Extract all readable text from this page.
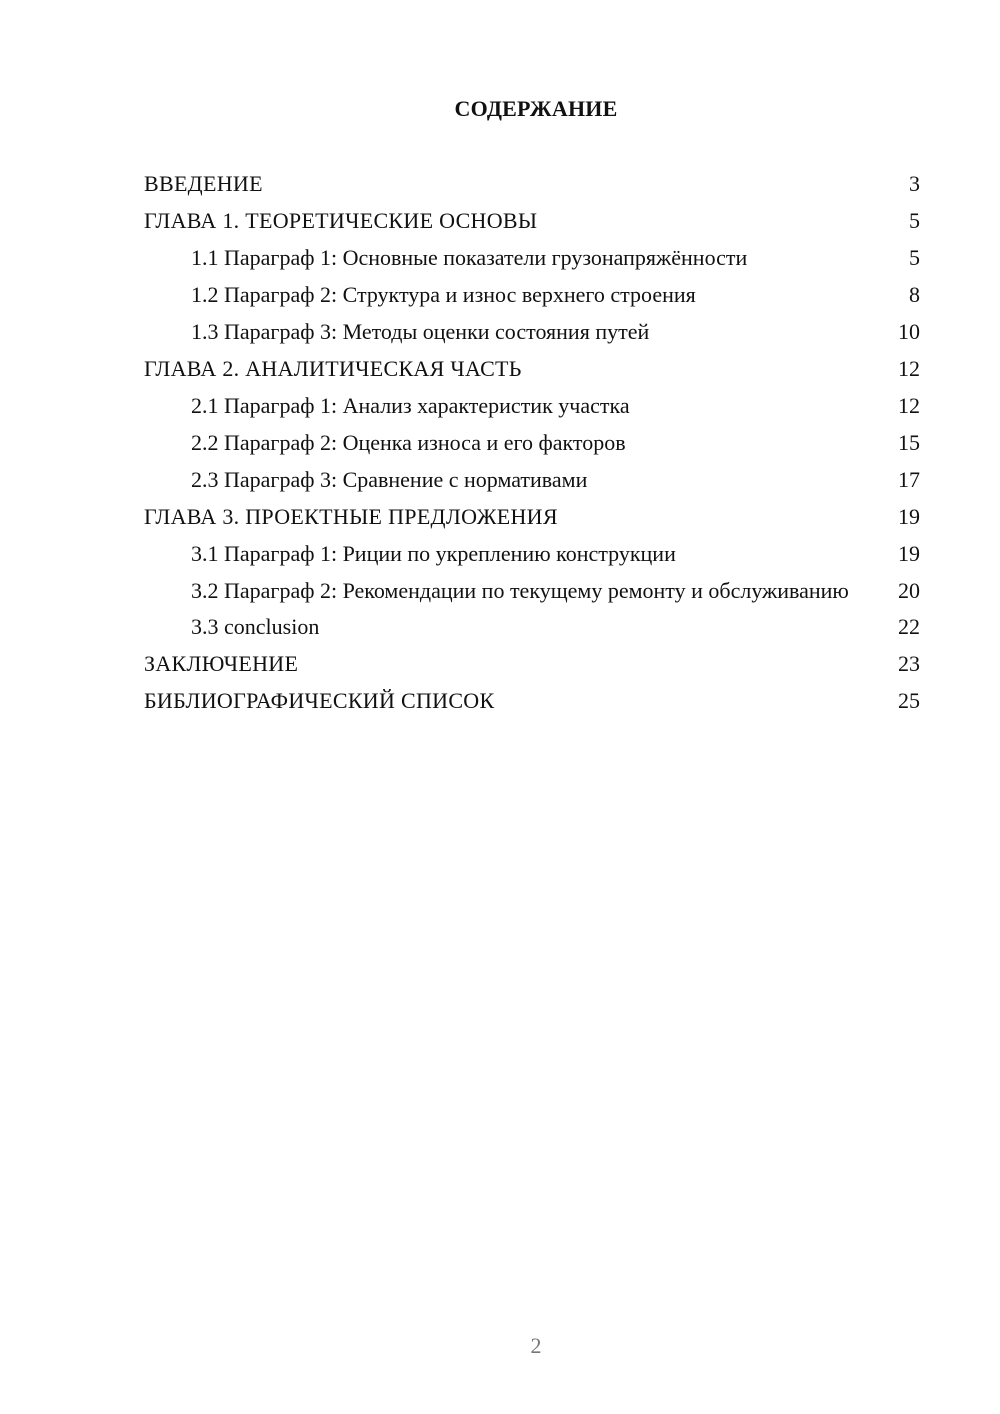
СОДЕРЖАНИЕ
ВВЕДЕНИЕ	3
ГЛАВА 1. ТЕОРЕТИЧЕСКИЕ ОСНОВЫ	5
1.1 Параграф 1: Основные показатели грузонапряжённости	5
1.2 Параграф 2: Структура и износ верхнего строения	8
1.3 Параграф 3: Методы оценки состояния путей	10
ГЛАВА 2. АНАЛИТИЧЕСКАЯ ЧАСТЬ	12
2.1 Параграф 1: Анализ характеристик участка	12
2.2 Параграф 2: Оценка износа и его факторов	15
2.3 Параграф 3: Сравнение с нормативами	17
ГЛАВА 3. ПРОЕКТНЫЕ ПРЕДЛОЖЕНИЯ	19
3.1 Параграф 1: Риции по укреплению конструкции	19
3.2 Параграф 2: Рекомендации по текущему ремонту и обслуживанию	20
3.3 conclusion	22
ЗАКЛЮЧЕНИЕ	23
БИБЛИОГРАФИЧЕСКИЙ СПИСОК	25
2
